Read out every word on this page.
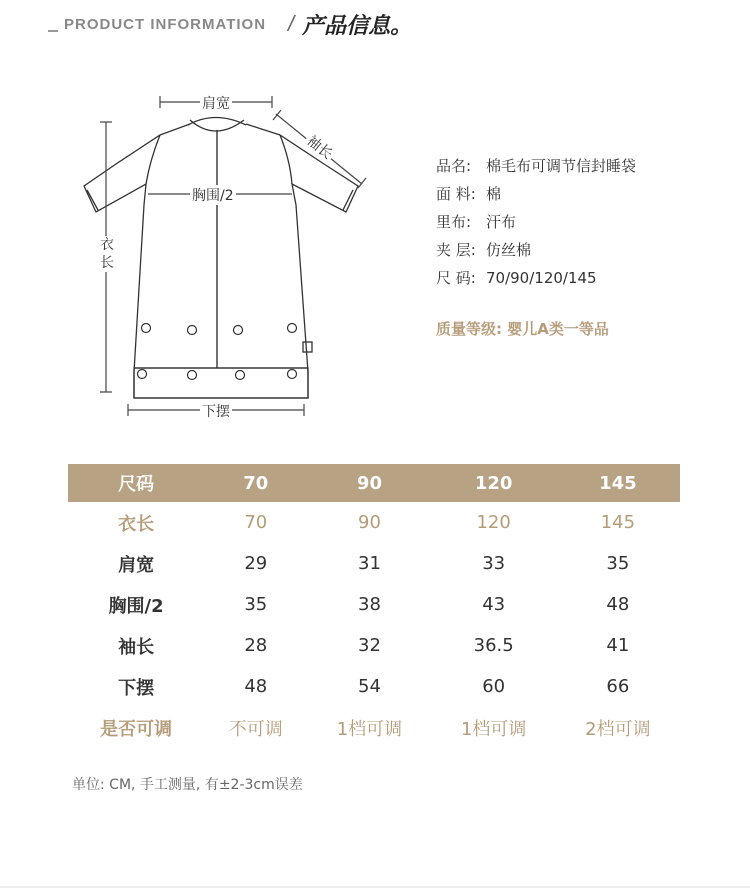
PRODUCT INFORMATION / 产品信息。
肩宽
袖长
胸围/2
衣长
下摆
品名: 棉毛布可调节信封睡袋
面 料: 棉
里布: 汗布
夹 层: 仿丝棉
尺 码: 70/90/120/145
质量等级: 婴儿A类一等品
尺码	70	90	120	145
衣长	70	90	120	145
肩宽	29	31	33	35
胸围/2	35	38	43	48
袖长	28	32	36.5	41
下摆	48	54	60	66
是否可调	不可调	1档可调	1档可调	2档可调
单位: CM, 手工测量, 有±2-3cm误差
